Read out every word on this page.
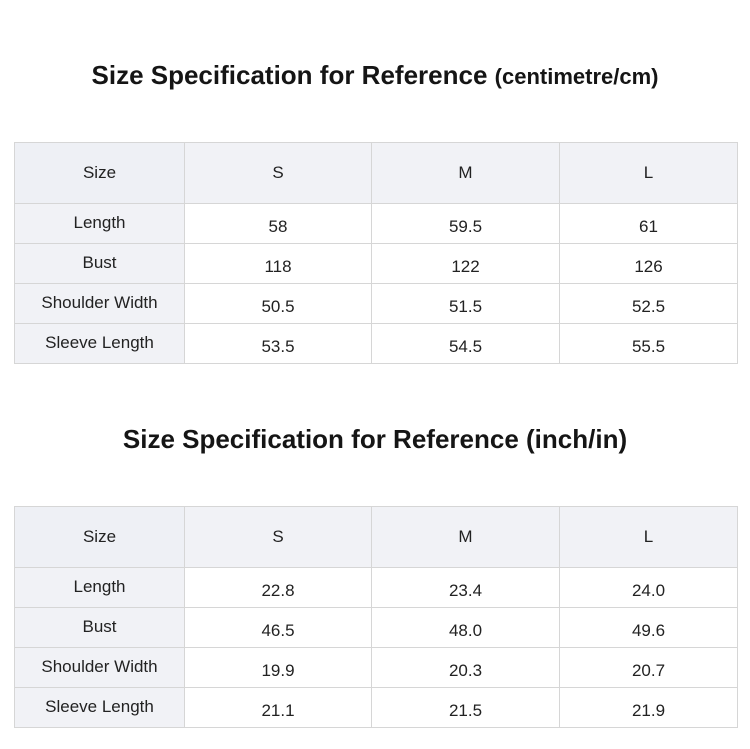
Size Specification for Reference (centimetre/cm)
Size	S	M	L
Length	58	59.5	61
Bust	118	122	126
Shoulder Width	50.5	51.5	52.5
Sleeve Length	53.5	54.5	55.5
Size Specification for Reference (inch/in)
Size	S	M	L
Length	22.8	23.4	24.0
Bust	46.5	48.0	49.6
Shoulder Width	19.9	20.3	20.7
Sleeve Length	21.1	21.5	21.9
